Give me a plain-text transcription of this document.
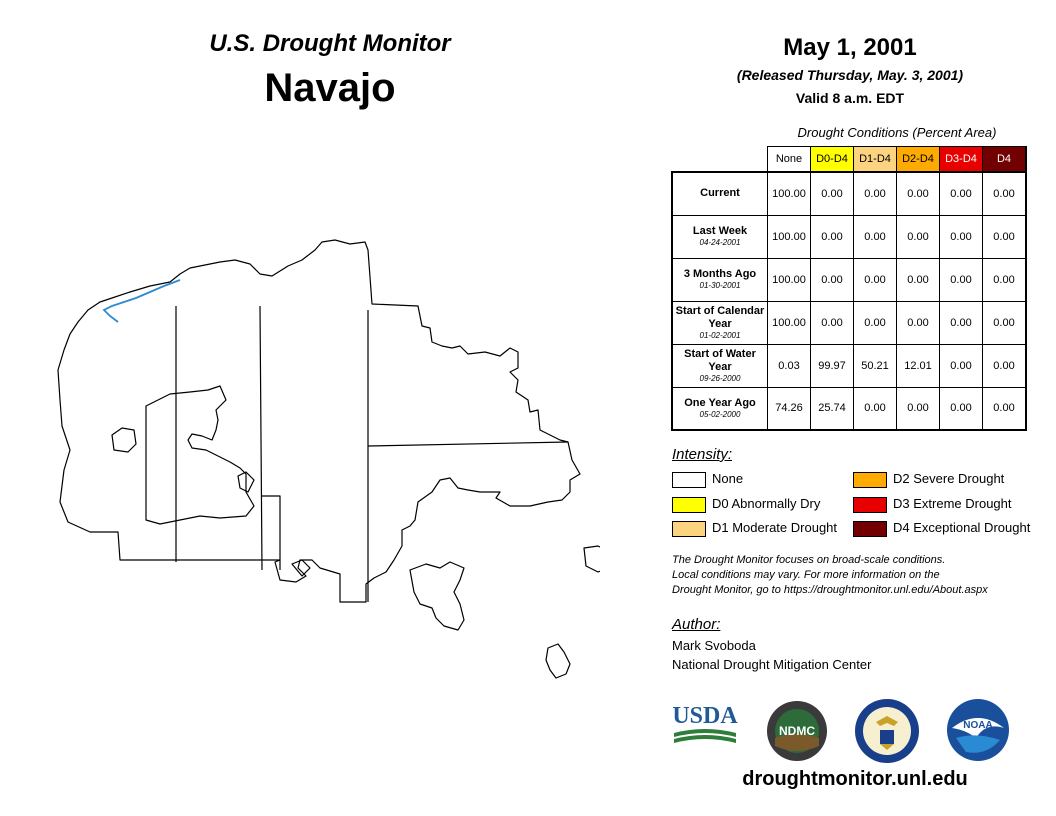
U.S. Drought Monitor
Navajo
May 1, 2001
(Released Thursday, May. 3, 2001)
Valid 8 a.m. EDT
Drought Conditions (Percent Area)
	None	D0-D4	D1-D4	D2-D4	D3-D4	D4
Current	100.00	0.00	0.00	0.00	0.00	0.00
Last Week
04-24-2001	100.00	0.00	0.00	0.00	0.00	0.00
3 Months Ago
01-30-2001	100.00	0.00	0.00	0.00	0.00	0.00
Start of Calendar Year
01-02-2001	100.00	0.00	0.00	0.00	0.00	0.00
Start of Water Year
09-26-2000	0.03	99.97	50.21	12.01	0.00	0.00
One Year Ago
05-02-2000	74.26	25.74	0.00	0.00	0.00	0.00
Intensity:
None
D0 Abnormally Dry
D1 Moderate Drought
D2 Severe Drought
D3 Extreme Drought
D4 Exceptional Drought
The Drought Monitor focuses on broad-scale conditions.
Local conditions may vary. For more information on the
Drought Monitor, go to https://droughtmonitor.unl.edu/About.aspx
Author:
Mark Svoboda
National Drought Mitigation Center
USDA
NDMC	NOAA
droughtmonitor.unl.edu
